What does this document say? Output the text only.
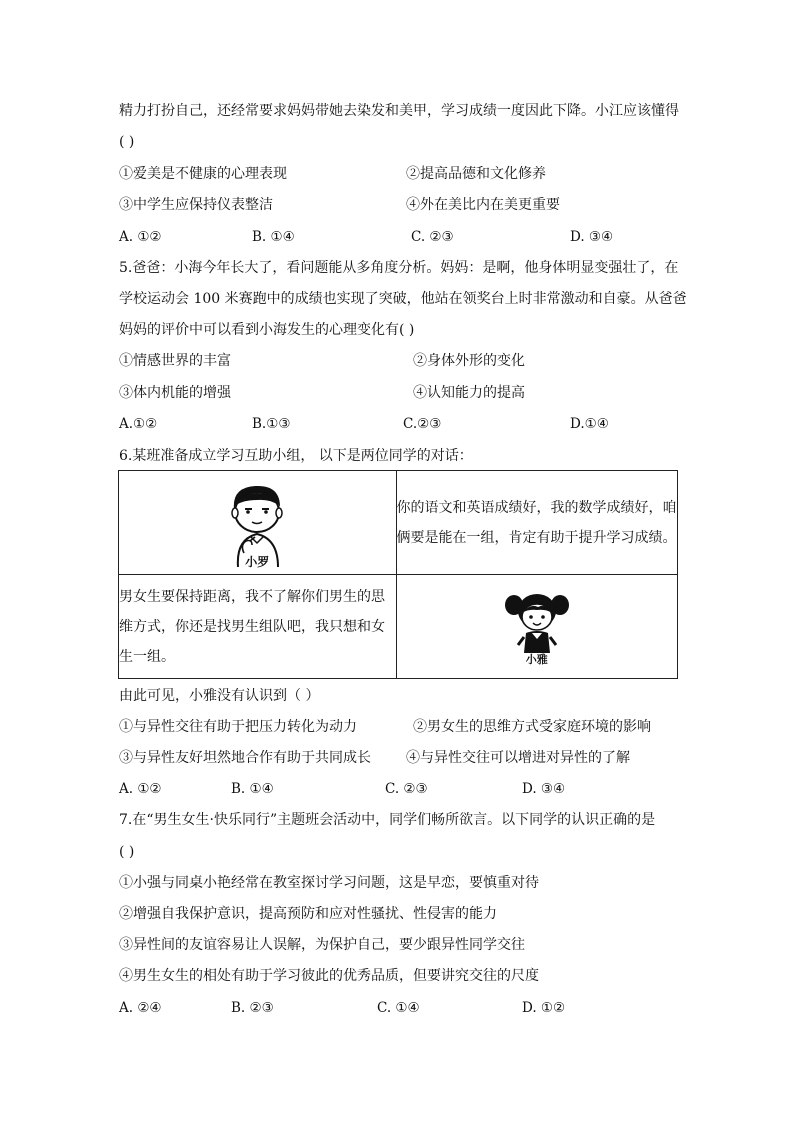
精力打扮自己，还经常要求妈妈带她去染发和美甲，学习成绩一度因此下降。小江应该懂得
( )
①爱美是不健康的心理表现	②提高品德和文化修养
③中学生应保持仪表整洁	④外在美比内在美更重要
A. ①②	B. ①④	C. ②③	D. ③④
5.爸爸：小海今年长大了，看问题能从多角度分析。妈妈：是啊，他身体明显变强壮了，在
学校运动会 100 米赛跑中的成绩也实现了突破，他站在领奖台上时非常激动和自豪。从爸爸
妈妈的评价中可以看到小海发生的心理变化有( )
①情感世界的丰富	②身体外形的变化
③体内机能的增强	④认知能力的提高
A.①②	B.①③	C.②③	D.①④
6.某班准备成立学习互助小组， 以下是两位同学的对话：
小罗	你的语文和英语成绩好，我的数学成绩好，咱俩要是能在一组，肯定有助于提升学习成绩。

男女生要保持距离，我不了解你们男生的思维方式，你还是找男生组队吧，我只想和女生一组。	小雅
由此可见，小雅没有认识到（ ）
①与异性交往有助于把压力转化为动力	②男女生的思维方式受家庭环境的影响
③与异性友好坦然地合作有助于共同成长	④与异性交往可以增进对异性的了解
A. ①②	B. ①④	C. ②③	D. ③④
7.在“男生女生·快乐同行”主题班会活动中，同学们畅所欲言。以下同学的认识正确的是
( )
①小强与同桌小艳经常在教室探讨学习问题，这是早恋，要慎重对待
②增强自我保护意识，提高预防和应对性骚扰、性侵害的能力
③异性间的友谊容易让人误解，为保护自己，要少跟异性同学交往
④男生女生的相处有助于学习彼此的优秀品质，但要讲究交往的尺度
A. ②④	B. ②③	C. ①④	D. ①②
